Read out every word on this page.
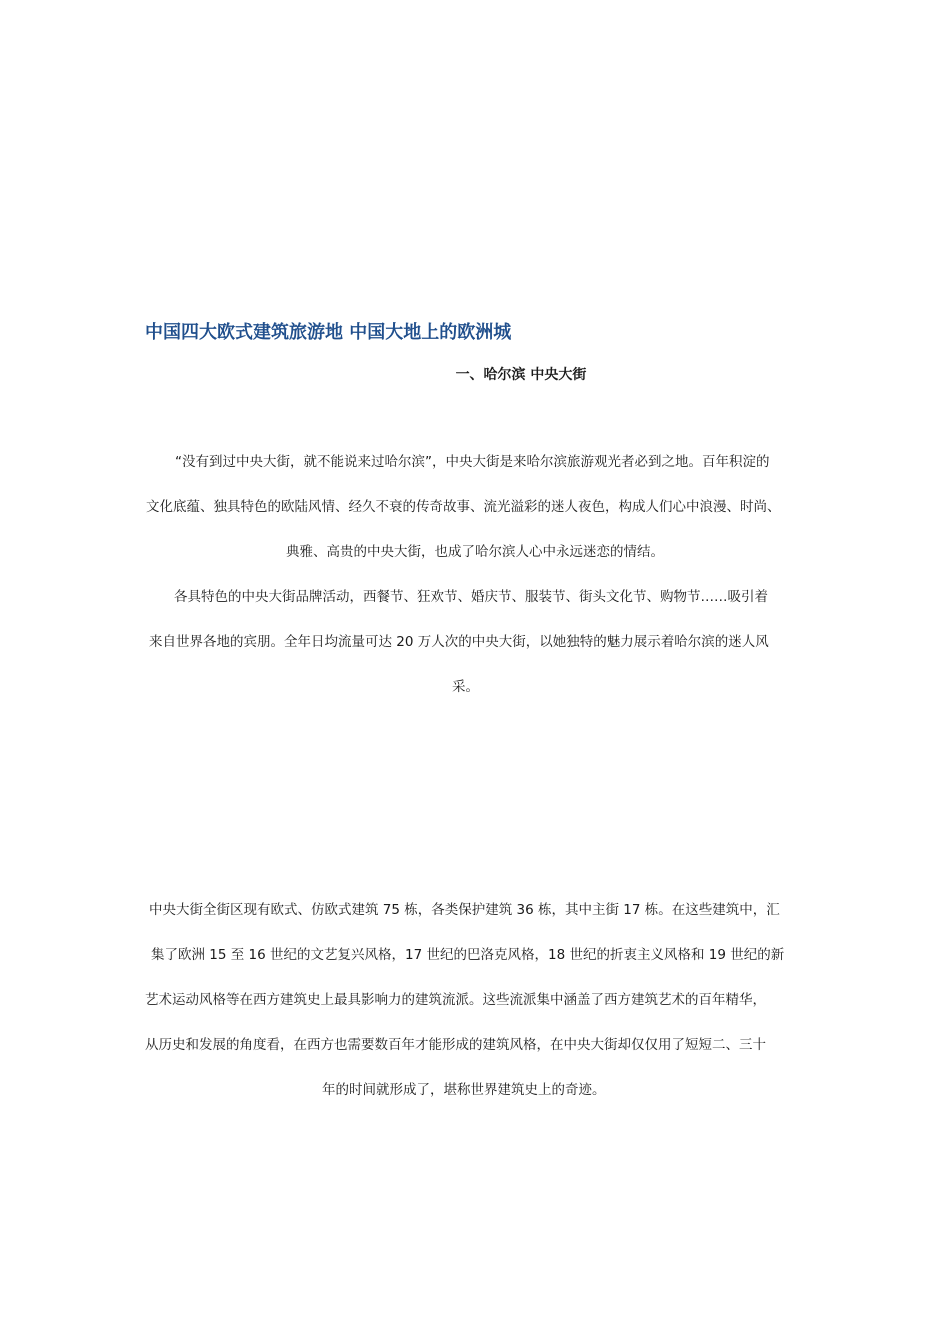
中国四大欧式建筑旅游地 中国大地上的欧洲城
一、哈尔滨 中央大街
“没有到过中央大街，就不能说来过哈尔滨”，中央大街是来哈尔滨旅游观光者必到之地。百年积淀的
文化底蕴、独具特色的欧陆风情、经久不衰的传奇故事、流光溢彩的迷人夜色，构成人们心中浪漫、时尚、
典雅、高贵的中央大街，也成了哈尔滨人心中永远迷恋的情结。
各具特色的中央大街品牌活动，西餐节、狂欢节、婚庆节、服装节、街头文化节、购物节……吸引着
来自世界各地的宾朋。全年日均流量可达 20 万人次的中央大街，以她独特的魅力展示着哈尔滨的迷人风
采。
中央大街全街区现有欧式、仿欧式建筑 75 栋，各类保护建筑 36 栋，其中主街 17 栋。在这些建筑中，汇
集了欧洲 15 至 16 世纪的文艺复兴风格，17 世纪的巴洛克风格，18 世纪的折衷主义风格和 19 世纪的新
艺术运动风格等在西方建筑史上最具影响力的建筑流派。这些流派集中涵盖了西方建筑艺术的百年精华，
从历史和发展的角度看，在西方也需要数百年才能形成的建筑风格，在中央大街却仅仅用了短短二、三十
年的时间就形成了，堪称世界建筑史上的奇迹。
